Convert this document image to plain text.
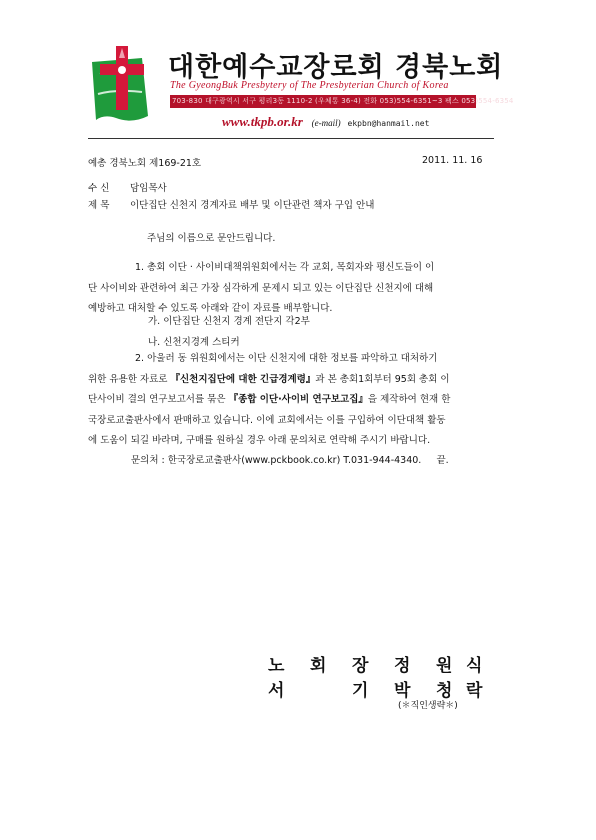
대한예수교장로회 경북노회
The GyeongBuk Presbytery of The Presbyterian Church of Korea
703-830 대구광역시 서구 평리3동 1110-2 (우체통 36-4) 전화 053)554-6351~3 팩스 053)554-6354
www.tkpb.or.kr (e-mail) ekpbn@hanmail.net
예총 경북노회 제169-21호	2011. 11. 16
수 신 담임목사
제 목 이단집단 신천지 경계자료 배부 및 이단관련 책자 구입 안내
주님의 이름으로 문안드립니다.
1. 총회 이단 · 사이비대책위원회에서는 각 교회, 목회자와 평신도들이 이
단 사이비와 관련하여 최근 가장 심각하게 문제시 되고 있는 이단집단 신천지에 대해
예방하고 대처할 수 있도록 아래와 같이 자료를 배부합니다.
가. 이단집단 신천지 경계 전단지 각2부
나. 신천지경계 스티커
2. 아울러 동 위원회에서는 이단 신천지에 대한 정보를 파악하고 대처하기
위한 유용한 자료로 『신천지집단에 대한 긴급경계령』과 본 총회1회부터 95회 총회 이
단사이비 결의 연구보고서를 묶은 『종합 이단·사이비 연구보고집』을 제작하여 현재 한
국장로교출판사에서 판매하고 있습니다. 이에 교회에서는 이를 구입하여 이단대책 활동
에 도움이 되길 바라며, 구매를 원하실 경우 아래 문의처로 연락해 주시기 바랍니다.
문의처 : 한국장로교출판사(www.pckbook.co.kr) T.031-944-4340. 끝.
노 회 장 정 원 식
서	기 박 청 락
(＊직인생략＊)
